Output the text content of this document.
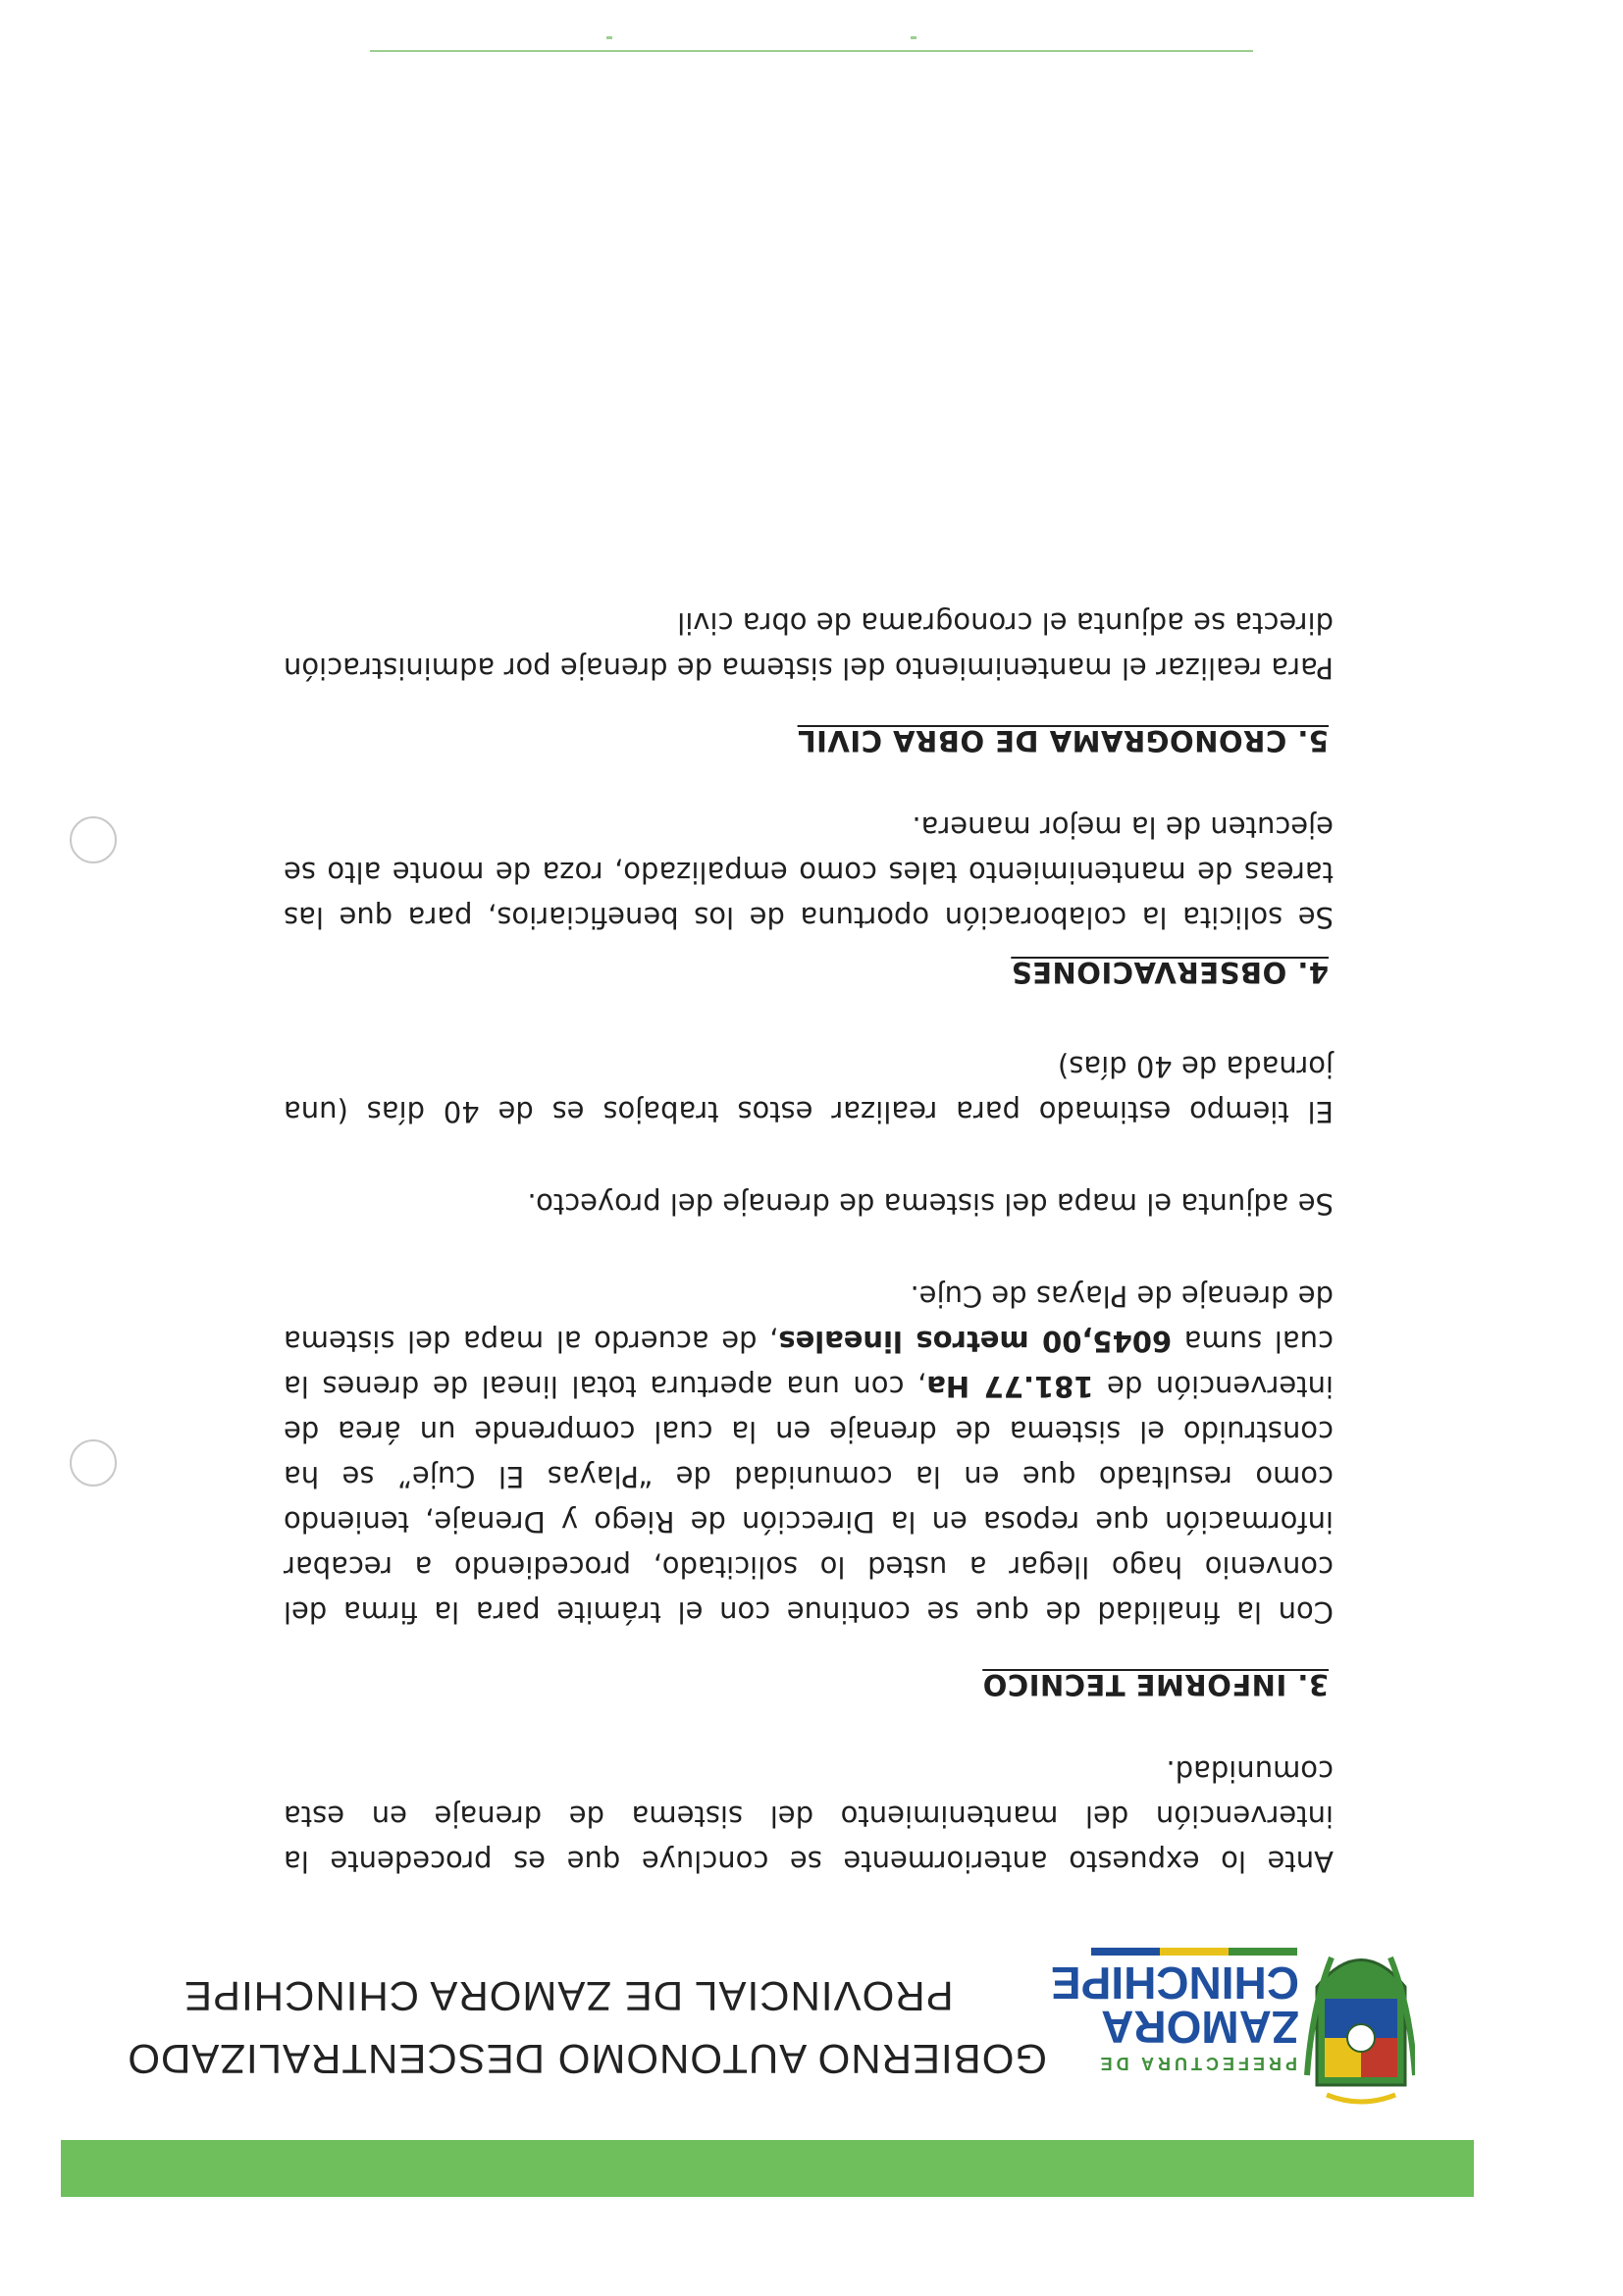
PREFECTURA DE
ZAMORA
CHINCHIPE
GOBIERNO AUTONOMO DESCENTRALIZADO
PROVINCIAL DE ZAMORA CHINCHIPE

Ante lo expuesto anteriormente se concluye que es procedente la intervención del mantenimiento del sistema de drenaje en esta comunidad.

3. INFORME TECNICO

Con la finalidad de que se continue con el trámite para la firma del convenio hago llegar a usted lo solicitado, procediendo a recabar información que reposa en la Dirección de Riego y Drenaje, teniendo como resultado que en la comunidad de “Playas El Cuje” se ha construido el sistema de drenaje en la cual comprende un área de intervención de 181.77 Ha, con una apertura total lineal de drenes la cual suma 6045,00 metros lineales, de acuerdo al mapa del sistema de drenaje de Playas de Cuje.

Se adjunta el mapa del sistema de drenaje del proyecto.

El tiempo estimado para realizar estos trabajos es de 40 días (una jornada de 40 días)

4. OBSERVACIONES

Se solicita la colaboración oportuna de los beneficiarios, para que las tareas de mantenimiento tales como empalizado, roza de monte alto se ejecuten de la mejor manera.

5. CRONOGRAMA DE OBRA CIVIL

Para realizar el mantenimiento del sistema de drenaje por administración directa se adjunta el cronograma de obra civil
